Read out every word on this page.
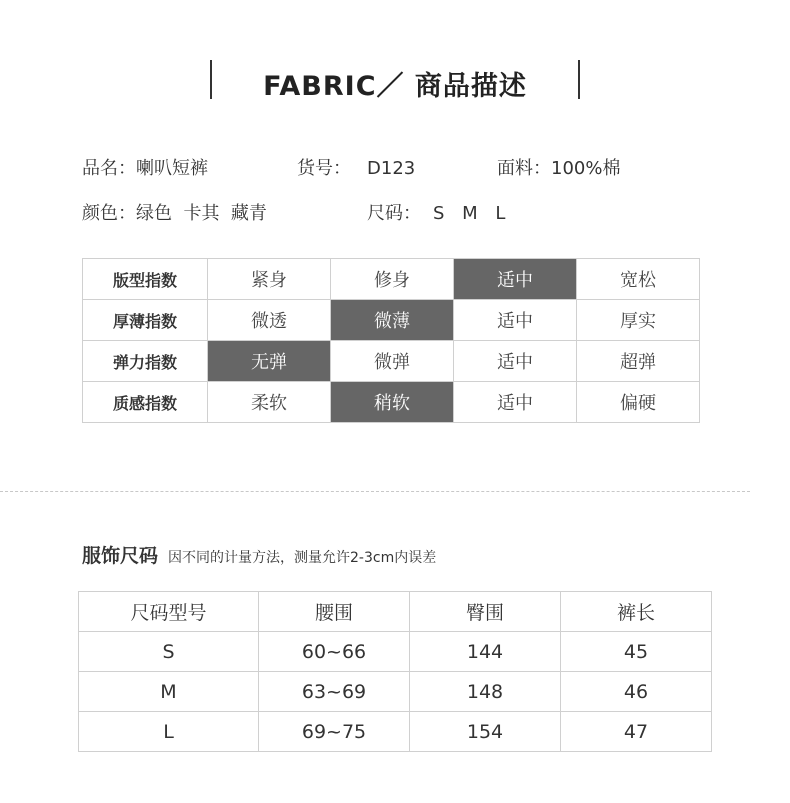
FABRIC／ 商品描述
品名：喇叭短裤	货号： D123	面料：100%棉
颜色：绿色  卡其  藏青	尺码： S M L
版型指数	紧身	修身	适中	宽松
厚薄指数	微透	微薄	适中	厚实
弹力指数	无弹	微弹	适中	超弹
质感指数	柔软	稍软	适中	偏硬
服饰尺码 因不同的计量方法，测量允许2-3cm内误差
尺码型号	腰围	臀围	裤长
S	60~66	144	45
M	63~69	148	46
L	69~75	154	47
